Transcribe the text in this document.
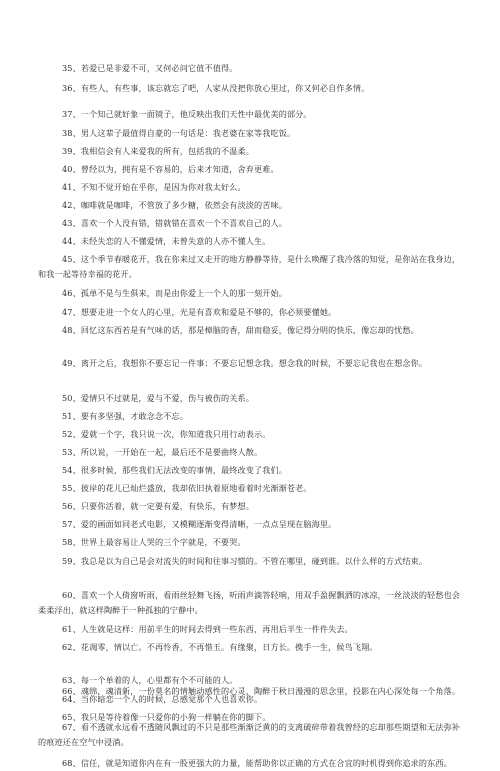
35、若爱已是非爱不可，又何必问它值不值得。

36、有些人，有些事，该忘就忘了吧，人家从没把你放心里过，你又何必自作多情。

37、一个知己就好象一面镜子，他反映出我们天性中最优美的部分。

38、男人这辈子最值得自豪的一句话是：我老婆在家等我吃饭。

39、我相信会有人来爱我的所有，包括我的不温柔。

40、曾经以为，拥有是不容易的，后来才知道，舍弃更难。

41、不知不觉开始在乎你，是因为你对我太好么。

42、咖啡就是咖啡，不管放了多少糖，依然会有淡淡的苦味。

43、喜欢一个人没有错，错就错在喜欢一个不喜欢自己的人。

44、未经失恋的人不懂爱情，未曾失意的人亦不懂人生。

45、这个季节春暖花开，我在你来过又走开的地方静静等待，是什么唤醒了我冷落的知觉，是你站在我身边，和我一起等待幸福的花开。

46、孤单不是与生俱来，而是由你爱上一个人的那一刻开始。

47、想要走进一个女人的心里，光是有喜欢和爱是不够的，你必须要懂她。

48、回忆这东西若是有气味的话，那是樟脑的香，甜而稳妥，像记得分明的快乐，像忘却的忧愁。

49、离开之后，我想你不要忘记一件事：不要忘记想念我。想念我的时候，不要忘记我也在想念你。

50、爱情只不过就是，爱与不爱，伤与被伤的关系。

51、要有多坚强，才敢念念不忘。

52、爱就一个字，我只说一次，你知道我只用行动表示。

53、所以说，一开始在一起，最后还不是要曲终人散。

54、很多时候，那些我们无法改变的事情，最终改变了我们。

55、彼岸的花儿已灿烂盛放，我却依旧执着原地看着时光渐渐苍老。

56、只要你活着，就一定要有爱，有快乐，有梦想。

57、爱的画面如同老式电影，又模糊逐渐变得清晰，一点点呈现在脑海里。

58、世界上最容易让人哭的三个字就是，不要哭。

59、我总是以为自己是会对流失的时间和往事习惯的。不管在哪里，碰到谁。以什么样的方式结束。

60、喜欢一个人倚窗听雨，看雨丝轻舞飞扬，听雨声滴答轻响，用双手盈握飘洒的冰凉，一丝淡淡的轻愁也会柔柔浮出，就这样陶醉于一种孤独的宁静中。

61、人生就是这样：用前半生的时间去得到一些东西，再用后半生一件件失去。

62、花凋零，情以亡。不再怜香，不再惜玉。有缘聚，日方长。携手一生，候鸟飞翔。

63、每一个单着的人，心里都有个不可能的人。

64、当你暗恋一个人的时候，总感觉那个人也喜欢你。

65、我只是等待着像一只爱你的小狗一样躺在你的脚下。

66、魂绵，魂清新，一份莫名的情触动感性的心灵，陶醉于秋日漫漫的思念里，投影在内心深处每一个角落。

67、看不透就永远看不透随风飘过的不只是那些渐渐泛黄的的支离破碎带着我曾经的忘却那些期望和无法弥补的痕迹还在空气中浸淌。

68、信任，就是知道你内在有一股更强大的力量，能帮助你以正确的方式在合宜的时机得到你追求的东西。
